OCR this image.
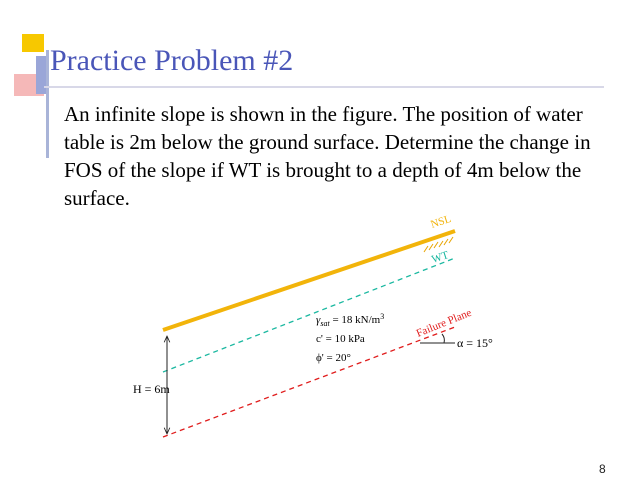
Practice Problem #2
An infinite slope is shown in the figure. The position of water table is 2m below the ground surface. Determine the change in FOS of the slope if WT is brought to a depth of 4m below the surface.
NSL
WT
Failure Plane
α = 15°
$\gamma_{sat} = 18$ $kN/m^3$
c' = 10 kPa
ϕ' = 20°
H = 6m
8
